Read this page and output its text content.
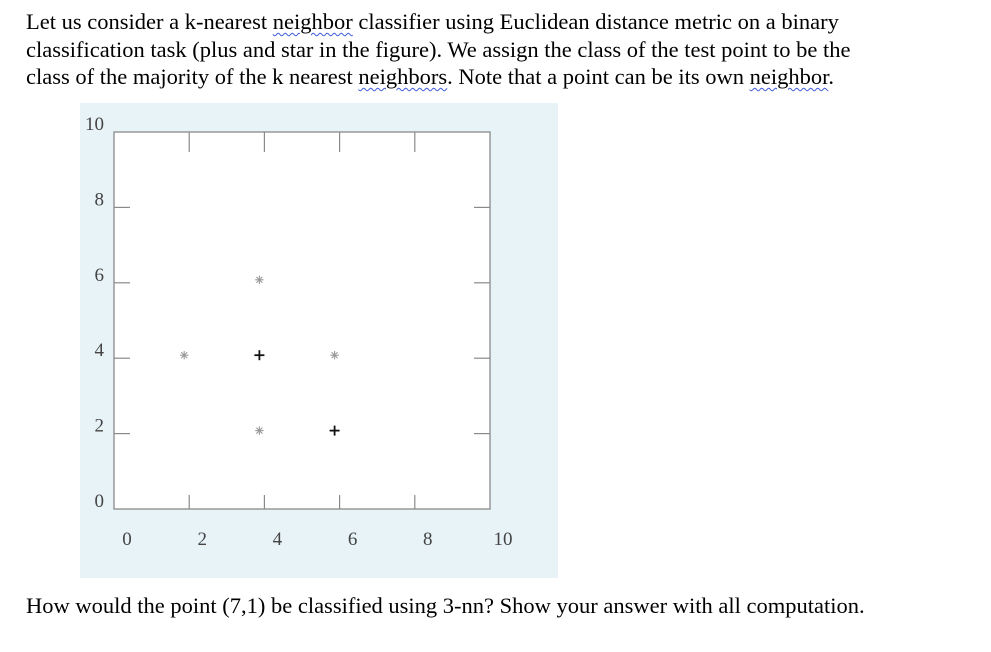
Let us consider a k-nearest neighbor classifier using Euclidean distance metric on a binary

classification task (plus and star in the figure). We assign the class of the test point to be the

class of the majority of the k nearest neighbors. Note that a point can be its own neighbor.

0	2	4	6	8	10
0
2
4
6
8
10

How would the point (7,1) be classified using 3-nn? Show your answer with all computation.
